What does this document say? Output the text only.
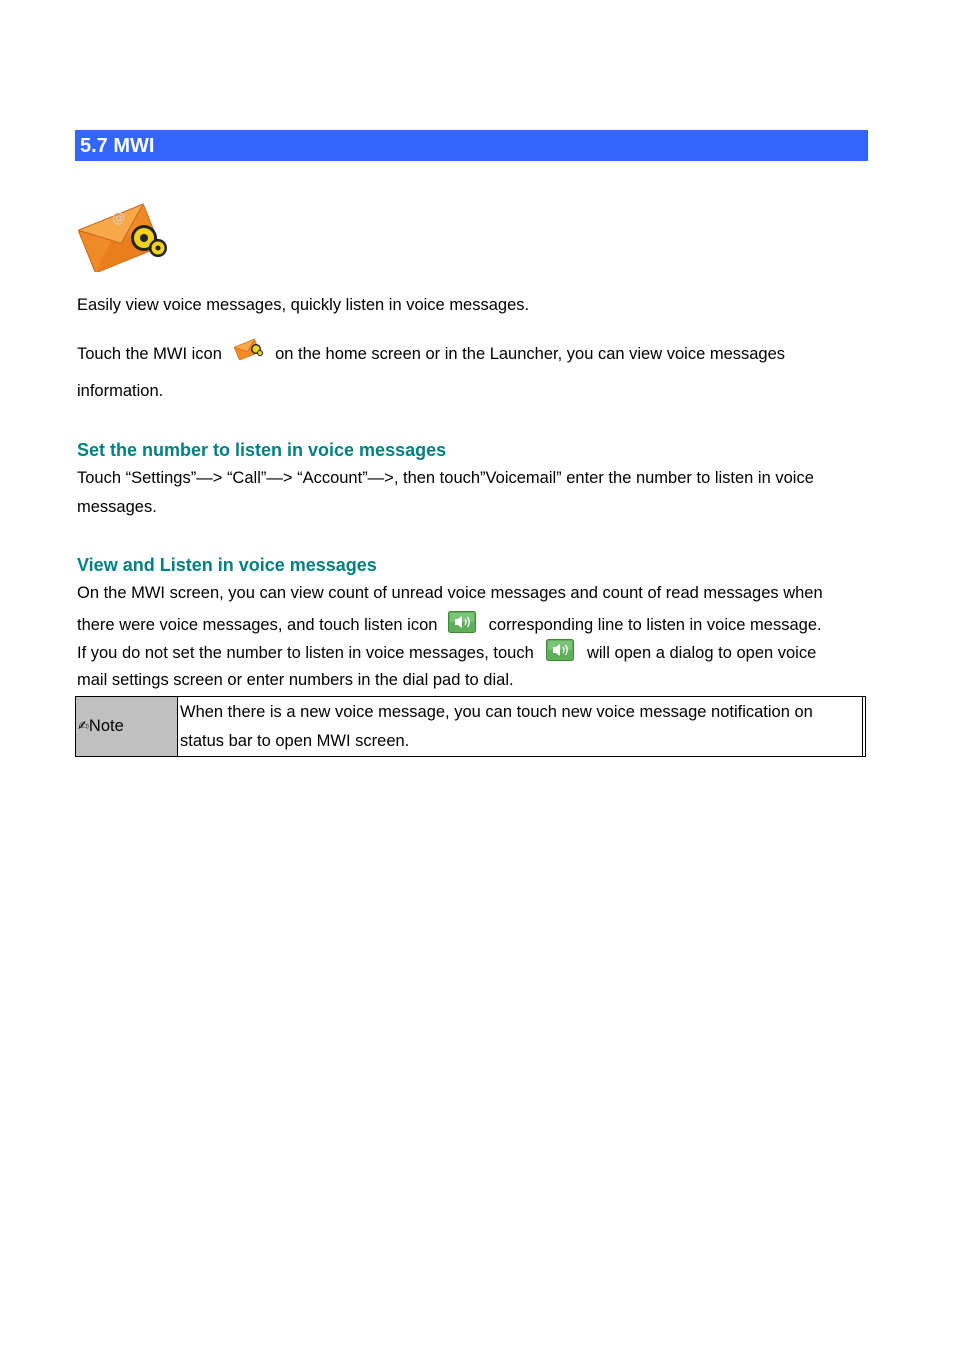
5.7 MWI
@
Easily view voice messages, quickly listen in voice messages.
Touch the MWI icon	on the home screen or in the Launcher, you can view voice messages
information.
Set the number to listen in voice messages
Touch “Settings”—> “Call”—> “Account”—>, then touch”Voicemail” enter the number to listen in voice
messages.
View and Listen in voice messages
On the MWI screen, you can view count of unread voice messages and count of read messages when
there were voice messages, and touch listen icon	corresponding line to listen in voice message.
If you do not set the number to listen in voice messages, touch	will open a dialog to open voice
mail settings screen or enter numbers in the dial pad to dial.
✍ Note
When there is a new voice message, you can touch new voice message notification on
status bar to open MWI screen.
